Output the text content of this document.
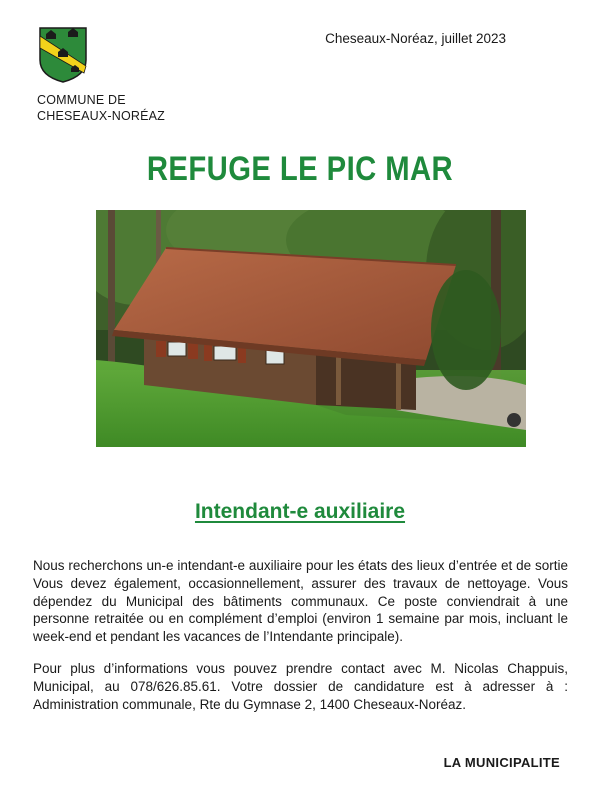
COMMUNE DE
CHESEAUX-NORÉAZ
Cheseaux-Noréaz, juillet 2023
REFUGE LE PIC MAR
Intendant-e auxiliaire

Nous recherchons un-e intendant-e auxiliaire pour les états des lieux d’entrée et de sortie Vous devez également, occasionnellement, assurer des travaux de nettoyage. Vous dépendez du Municipal des bâtiments communaux. Ce poste conviendrait à une personne retraitée ou en complément d’emploi (environ 1 semaine par mois, incluant le week-end et pendant les vacances de l’Intendante principale).

Pour plus d’informations vous pouvez prendre contact avec M. Nicolas Chappuis, Municipal, au 078/626.85.61. Votre dossier de candidature est à adresser à : Administration communale, Rte du Gymnase 2, 1400 Cheseaux-Noréaz.

LA MUNICIPALITE
